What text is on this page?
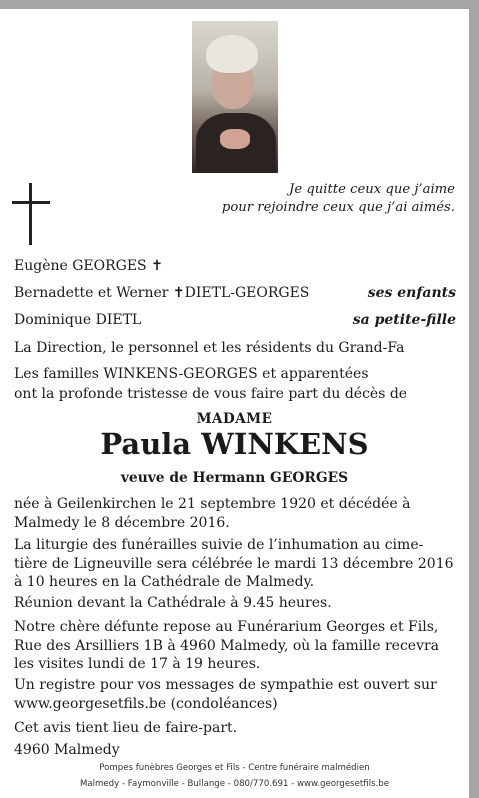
Je quitte ceux que j’aime
pour rejoindre ceux que j’ai aimés.
Eugène GEORGES ✝
Bernadette et Werner ✝DIETL-GEORGES	ses enfants
Dominique DIETL	sa petite-fille
La Direction, le personnel et les résidents du Grand-Fa
Les familles WINKENS-GEORGES et apparentées
ont la profonde tristesse de vous faire part du décès de
MADAME
Paula WINKENS
veuve de Hermann GEORGES
née à Geilenkirchen le 21 septembre 1920 et décédée à
Malmedy le 8 décembre 2016.
La liturgie des funérailles suivie de l’inhumation au cime-
tière de Ligneuville sera célébrée le mardi 13 décembre 2016
à 10 heures en la Cathédrale de Malmedy.
Réunion devant la Cathédrale à 9.45 heures.
Notre chère défunte repose au Funérarium Georges et Fils,
Rue des Arsilliers 1B à 4960 Malmedy, où la famille recevra
les visites lundi de 17 à 19 heures.
Un registre pour vos messages de sympathie est ouvert sur
www.georgesetfils.be (condoléances)
Cet avis tient lieu de faire-part.
4960 Malmedy
Pompes funèbres Georges et Fils - Centre funéraire malmédien
Malmedy - Faymonville - Bullange - 080/770.691 - www.georgesetfils.be
